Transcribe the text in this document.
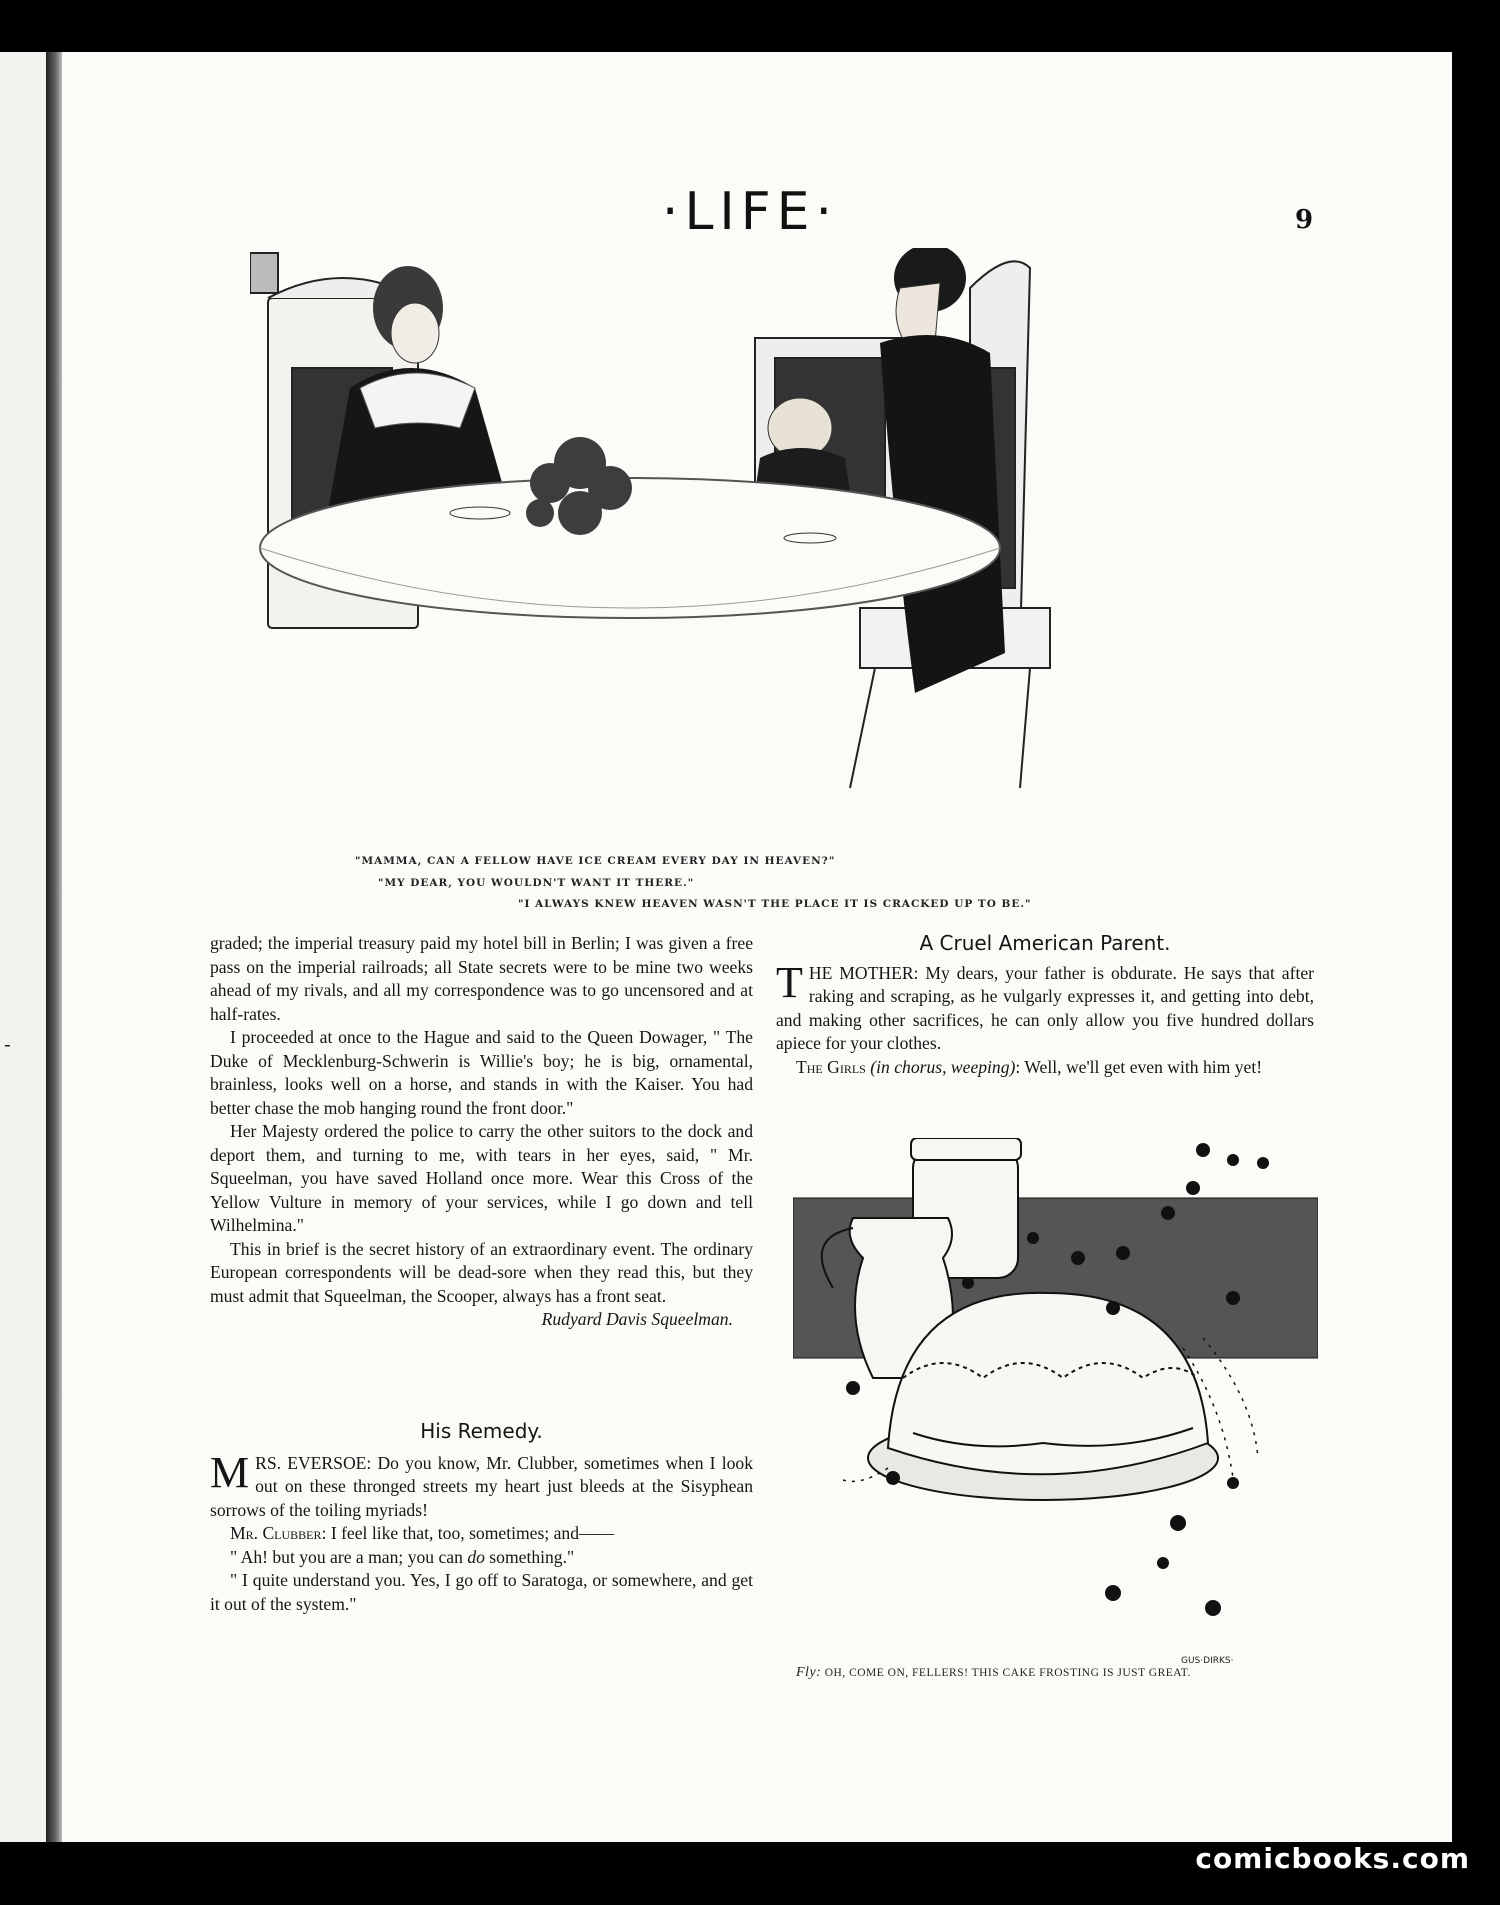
-
·LIFE·	9
"MAMMA, CAN A FELLOW HAVE ICE CREAM EVERY DAY IN HEAVEN?"
"MY DEAR, YOU WOULDN'T WANT IT THERE."
"I ALWAYS KNEW HEAVEN WASN'T THE PLACE IT IS CRACKED UP TO BE."

graded; the imperial treasury paid my hotel bill in Berlin; I was given a free pass on the imperial railroads; all State secrets were to be mine two weeks ahead of my rivals, and all my correspondence was to go uncensored and at half-rates.

I proceeded at once to the Hague and said to the Queen Dowager, " The Duke of Mecklenburg-Schwerin is Willie's boy; he is big, ornamental, brainless, looks well on a horse, and stands in with the Kaiser. You had better chase the mob hanging round the front door."

Her Majesty ordered the police to carry the other suitors to the dock and deport them, and turning to me, with tears in her eyes, said, " Mr. Squeelman, you have saved Holland once more. Wear this Cross of the Yellow Vulture in memory of your services, while I go down and tell Wilhelmina."

This in brief is the secret history of an extraordinary event. The ordinary European correspondents will be dead-sore when they read this, but they must admit that Squeelman, the Scooper, always has a front seat.

Rudyard Davis Squeelman.

His Remedy.

M RS. EVERSOE: Do you know, Mr. Clubber, sometimes when I look out on these thronged streets my heart just bleeds at the Sisyphean sorrows of the toiling myriads!

Mr. Clubber: I feel like that, too, sometimes; and——

" Ah! but you are a man; you can do something."

" I quite understand you. Yes, I go off to Saratoga, or somewhere, and get it out of the system."

A Cruel American Parent.

T HE MOTHER: My dears, your father is obdurate. He says that after raking and scraping, as he vulgarly expresses it, and getting into debt, and making other sacrifices, he can only allow you five hundred dollars apiece for your clothes.

The Girls (in chorus, weeping): Well, we'll get even with him yet!

GUS·DIRKS·
Fly: OH, COME ON, FELLERS! THIS CAKE FROSTING IS JUST GREAT.
comicbooks.com
